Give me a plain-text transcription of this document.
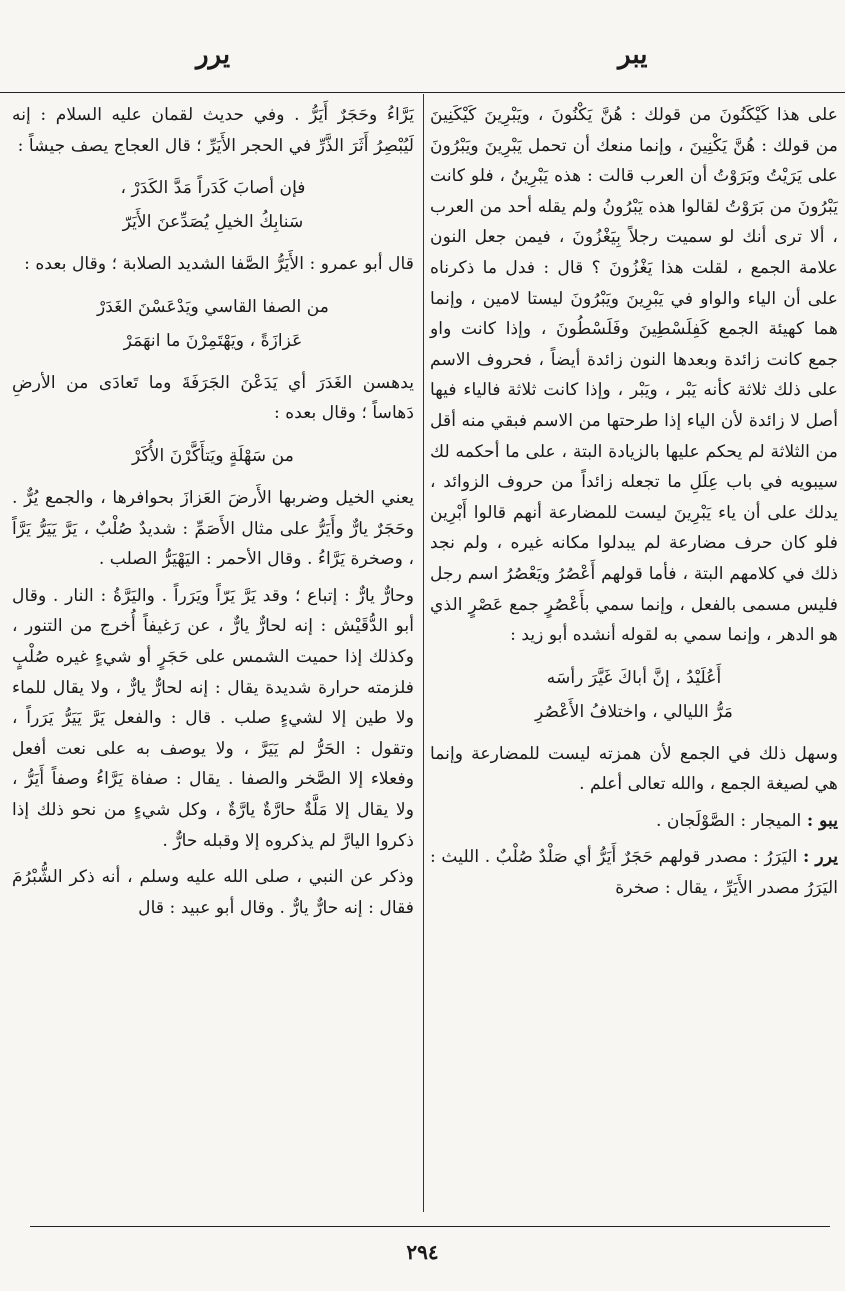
يبر
يرر

على هذا كَيْكَنُونَ من قولك : هُنَّ يَكْنُونَ ، ويَبْرِينَ كَيْكَنِينَ من قولك : هُنَّ يَكْنِينَ ، وإنما منعك أن تحمل يَبْرِينَ ويَبْرُونَ على يَرَيْتُ وبَرَوْتُ أن العرب قالت : هذه يَبْرِينُ ، فلو كانت يَبْرُونَ من بَرَوْتُ لقالوا هذه يَبْرُونُ ولم يقله أحد من العرب ، ألا ترى أنك لو سميت رجلاً بِيَغْزُونَ ، فيمن جعل النون علامة الجمع ، لقلت هذا يَغْزُونَ ؟ قال : فدل ما ذكرناه على أن الياء والواو في يَبْرِينَ ويَبْرُونَ ليستا لامين ، وإنما هما كهيئة الجمع كَفِلَسْطِينَ وفَلَسْطُونَ ، وإذا كانت واو جمع كانت زائدة وبعدها النون زائدة أيضاً ، فحروف الاسم على ذلك ثلاثة كأنه يَبْر ، ويَبْر ، وإذا كانت ثلاثة فالياء فيها أصل لا زائدة لأن الياء إذا طرحتها من الاسم فبقي منه أقل من الثلاثة لم يحكم عليها بالزيادة البتة ، على ما أحكمه لك سيبويه في باب عِلَلِ ما تجعله زائداً من حروف الزوائد ، يدلك على أن ياء يَبْرِينَ ليست للمضارعة أنهم قالوا أَبْرِين فلو كان حرف مضارعة لم يبدلوا مكانه غيره ، ولم نجد ذلك في كلامهم البتة ، فأما قولهم أَعْصُرُ ويَعْصُرُ اسم رجل فليس مسمى بالفعل ، وإنما سمي بأَعْصُرٍ جمع عَصْرٍ الذي هو الدهر ، وإنما سمي به لقوله أنشده أبو زيد :

أَعُلَيْدُ ، إنَّ أباكَ غَيَّرَ رأسَه
مَرُّ الليالي ، واختلافُ الأَعْصُرِ

وسهل ذلك في الجمع لأن همزته ليست للمضارعة وإنما هي لصيغة الجمع ، والله تعالى أعلم .

يبو : الميجار : الصَّوْلَجان .

يرر : اليَرَرُ : مصدر قولهم حَجَرٌ أَيَرُّ أي صَلْدٌ صُلْبٌ . الليث : اليَرَرُ مصدر الأَيَرِّ ، يقال : صخرة

يَرَّاءُ وحَجَرٌ أَيَرُّ . وفي حديث لقمان عليه السلام : إنه لَيُبْصِرُ أَثَرَ الذَّرِّ في الحجر الأَيَرِّ ؛ قال العجاج يصف جيشاً :

فإن أصابَ كَدَراً مَدَّ الكَدَرْ ،
سَنابِكُ الخيلِ يُصَدِّعنَ الأَيَرّ

قال أبو عمرو : الأَيَرُّ الصَّفا الشديد الصلابة ؛ وقال بعده :

من الصفا القاسي ويَدْعَسْنَ الغَدَرْ
عَزازَةً ، ويَهْتَمِرْنَ ما انهَمَرْ

يدهسن الغَدَرَ أي يَدَعْنَ الجَرَفَةَ وما تَعادَى من الأرضِ دَهاساً ؛ وقال بعده :

من سَهْلَةٍ ويَتأَكَّرْنَ الأُكَرْ

يعني الخيل وضربها الأَرضَ العَزازَ بحوافرها ، والجمع يُرٌّ . وحَجَرٌ يارٌّ وأَيَرُّ على مثال الأَصَمِّ : شديدٌ صُلْبٌ ، يَرَّ يَيَرُّ يَرَّاً ، وصخرة يَرَّاءُ . وقال الأحمر : اليَهْيَرُّ الصلب .

وحارٌّ يارٌّ : إتباع ؛ وقد يَرَّ يَرّاً ويَرَراً . واليَرَّةُ : النار . وقال أبو الدُّقَيْش : إنه لحارٌّ يارٌّ ، عن رَغيفاً أُخرج من التنور ، وكذلك إذا حميت الشمس على حَجَرٍ أو شيءٍ غيره صُلْبٍ فلزمته حرارة شديدة يقال : إنه لحارٌّ يارٌّ ، ولا يقال للماء ولا طين إلا لشيءٍ صلب . قال : والفعل يَرَّ يَيَرُّ يَرَراً ، وتقول : الحَرُّ لم يَيَرَّ ، ولا يوصف به على نعت أفعل وفعلاء إلا الصَّخر والصفا . يقال : صفاة يَرَّاءُ وصفاً أَيَرُّ ، ولا يقال إلا مَلَّةٌ حارَّةٌ يارَّةٌ ، وكل شيءٍ من نحو ذلك إذا ذكروا اليارَّ لم يذكروه إلا وقبله حارٌّ .

وذكر عن النبي ، صلى الله عليه وسلم ، أنه ذكر الشُّبْرُمَ فقال : إنه حارٌّ يارٌّ . وقال أبو عبيد : قال

٢٩٤
